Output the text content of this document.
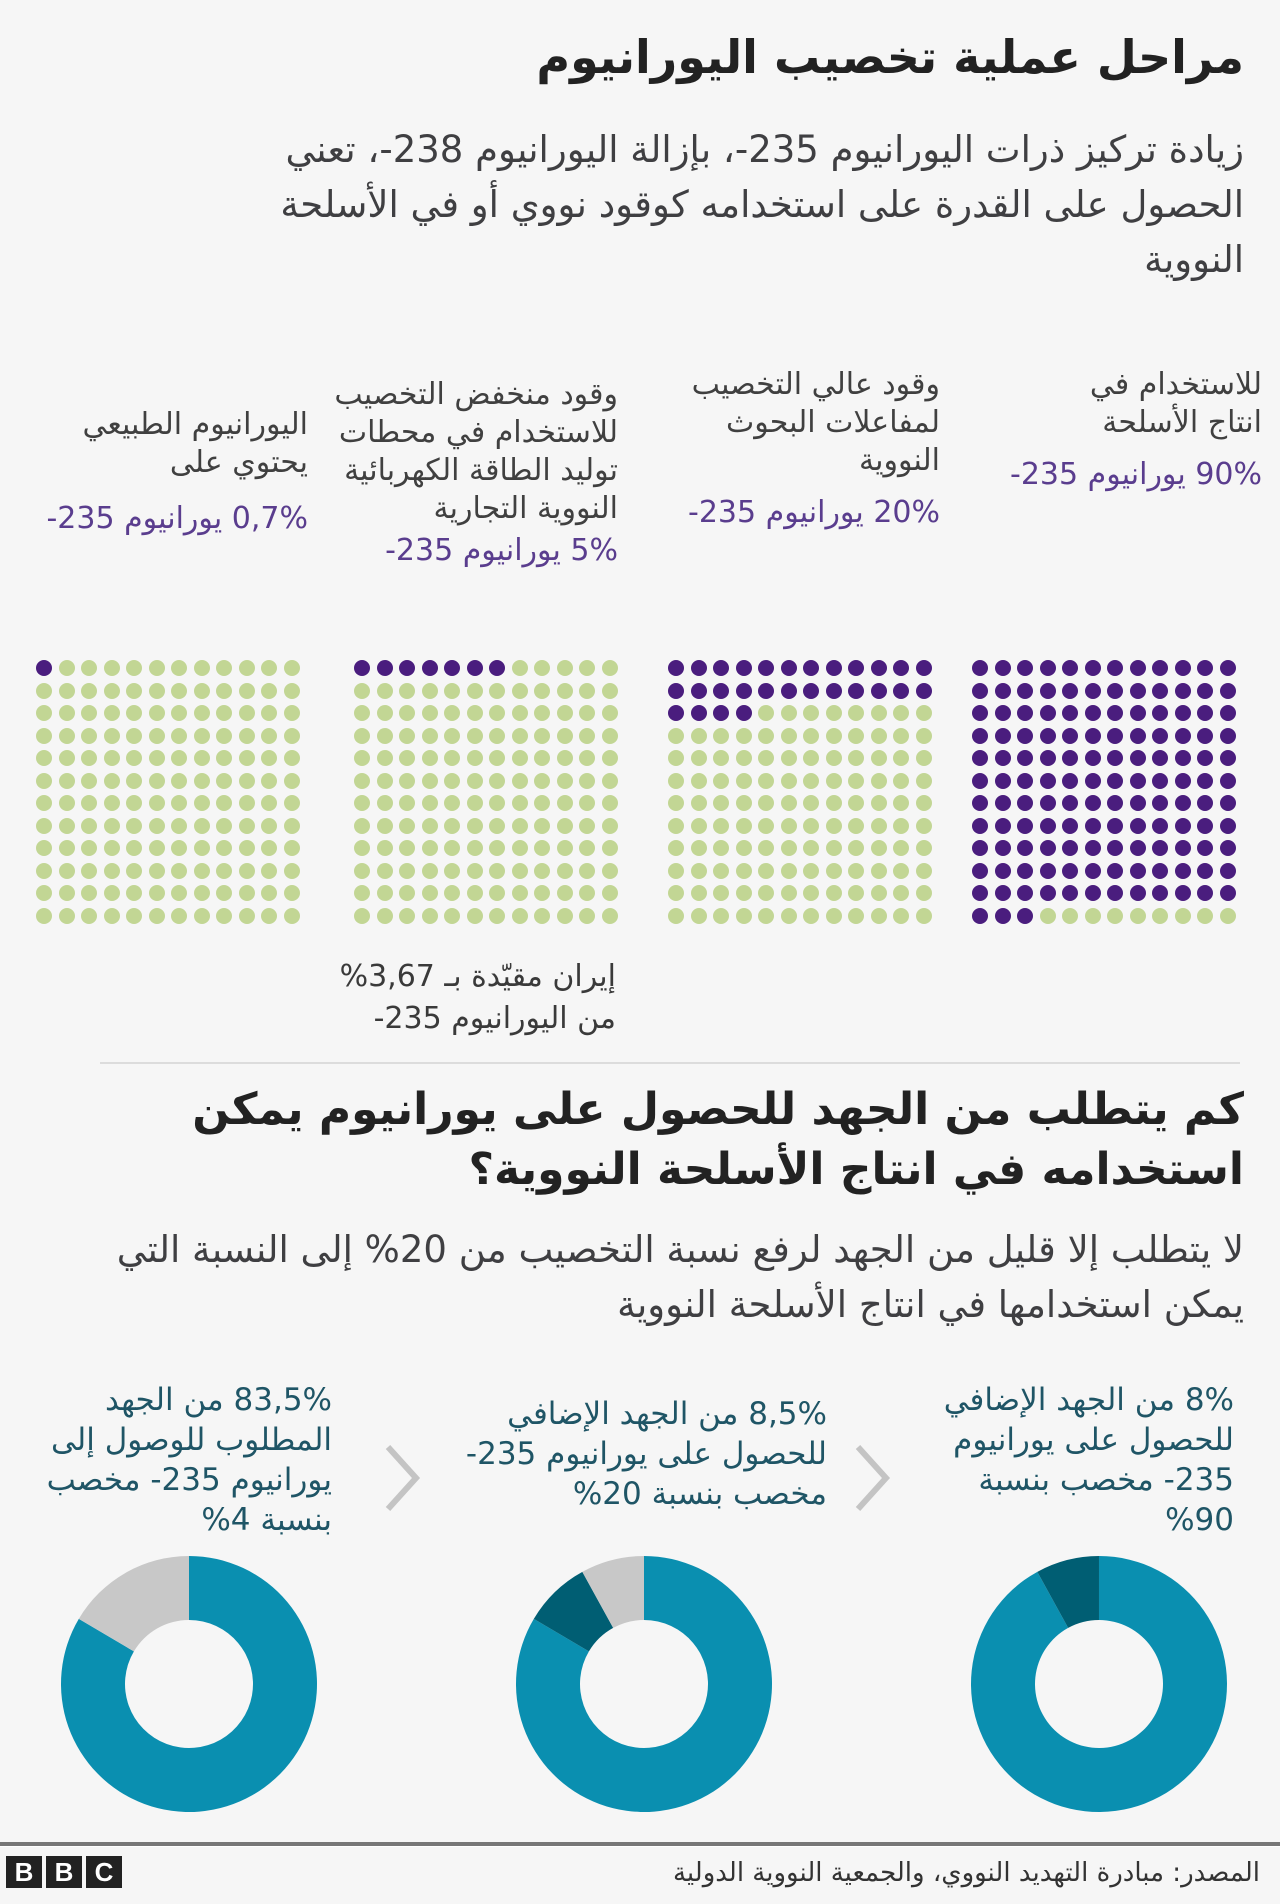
مراحل عملية تخصيب اليورانيوم
زيادة تركيز ذرات اليورانيوم 235-، بإزالة اليورانيوم 238-، تعني الحصول على القدرة على استخدامه كوقود نووي أو في الأسلحة النووية
للاستخدام في انتاج الأسلحة
90% يورانيوم 235-
وقود عالي التخصيب لمفاعلات البحوث النووية
20% يورانيوم 235-
وقود منخفض التخصيب للاستخدام في محطات توليد الطاقة الكهربائية النووية التجارية
5% يورانيوم 235-
اليورانيوم الطبيعي يحتوي على
0,7% يورانيوم 235-
إيران مقيّدة بـ 3,67% من اليورانيوم 235-
كم يتطلب من الجهد للحصول على يورانيوم يمكن استخدامه في انتاج الأسلحة النووية؟
لا يتطلب إلا قليل من الجهد لرفع نسبة التخصيب من 20% إلى النسبة التي يمكن استخدامها في انتاج الأسلحة النووية
8% من الجهد الإضافي للحصول على يورانيوم 235- مخصب بنسبة 90%
8,5% من الجهد الإضافي للحصول على يورانيوم 235- مخصب بنسبة 20%
83,5% من الجهد المطلوب للوصول إلى يورانيوم 235- مخصب بنسبة 4%
المصدر: مبادرة التهديد النووي، والجمعية النووية الدولية
B B C
